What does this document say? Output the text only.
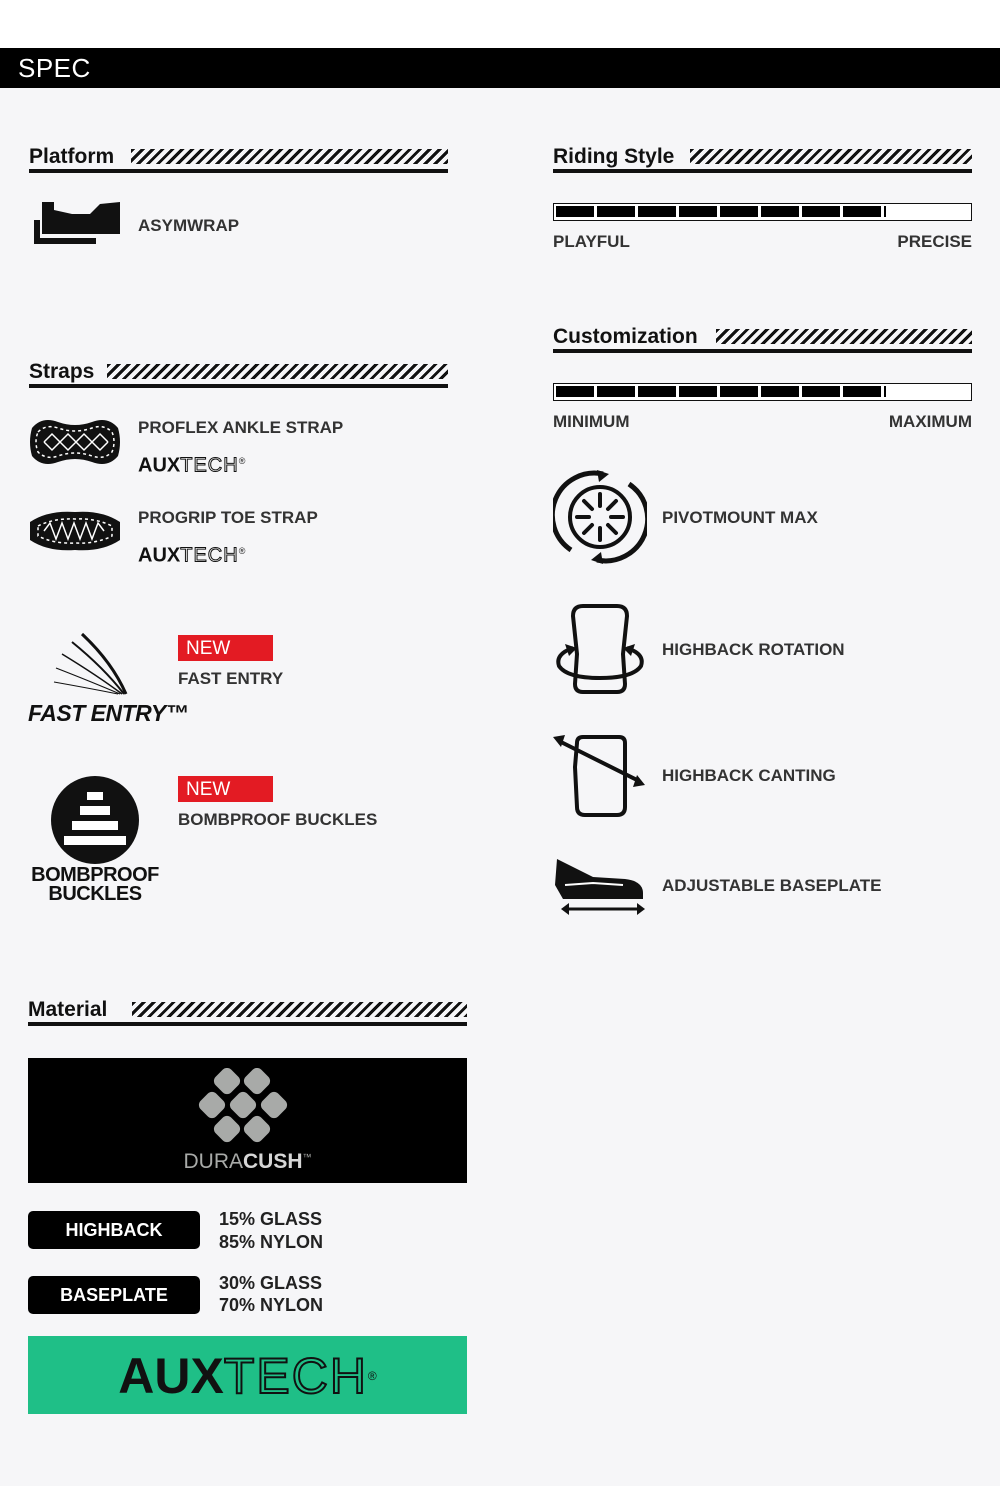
SPEC
Platform
ASYMWRAP
Straps
PROFLEX ANKLE STRAP
AUXTECH®
PROGRIP TOE STRAP
AUXTECH®
FAST ENTRY™
NEW
FAST ENTRY
BOMBPROOF
BUCKLES
NEW
BOMBPROOF BUCKLES
Riding Style
PLAYFUL	PRECISE
Customization
MINIMUM	MAXIMUM
PIVOTMOUNT MAX
HIGHBACK ROTATION
HIGHBACK CANTING
ADJUSTABLE BASEPLATE
Material
DURACUSH™
HIGHBACK
15% GLASS
85% NYLON
BASEPLATE
30% GLASS
70% NYLON
AUXTECH®
